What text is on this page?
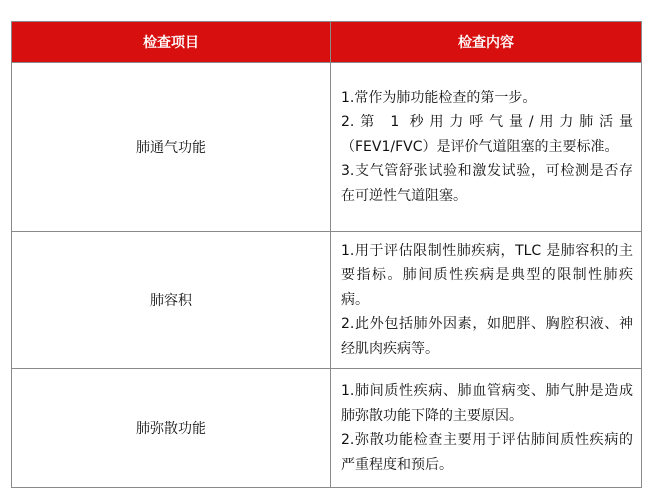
检查项目	检查内容
肺通气功能	1.常作为肺功能检查的第一步。

2.第 1 秒用力呼气量/用力肺活量（FEV1/FVC）是评价气道阻塞的主要标准。

3.支气管舒张试验和激发试验，可检测是否存在可逆性气道阻塞。

肺容积	1.用于评估限制性肺疾病，TLC 是肺容积的主要指标。肺间质性疾病是典型的限制性肺疾病。

2.此外包括肺外因素，如肥胖、胸腔积液、神经肌肉疾病等。

肺弥散功能	1.肺间质性疾病、肺血管病变、肺气肿是造成肺弥散功能下降的主要原因。

2.弥散功能检查主要用于评估肺间质性疾病的严重程度和预后。
